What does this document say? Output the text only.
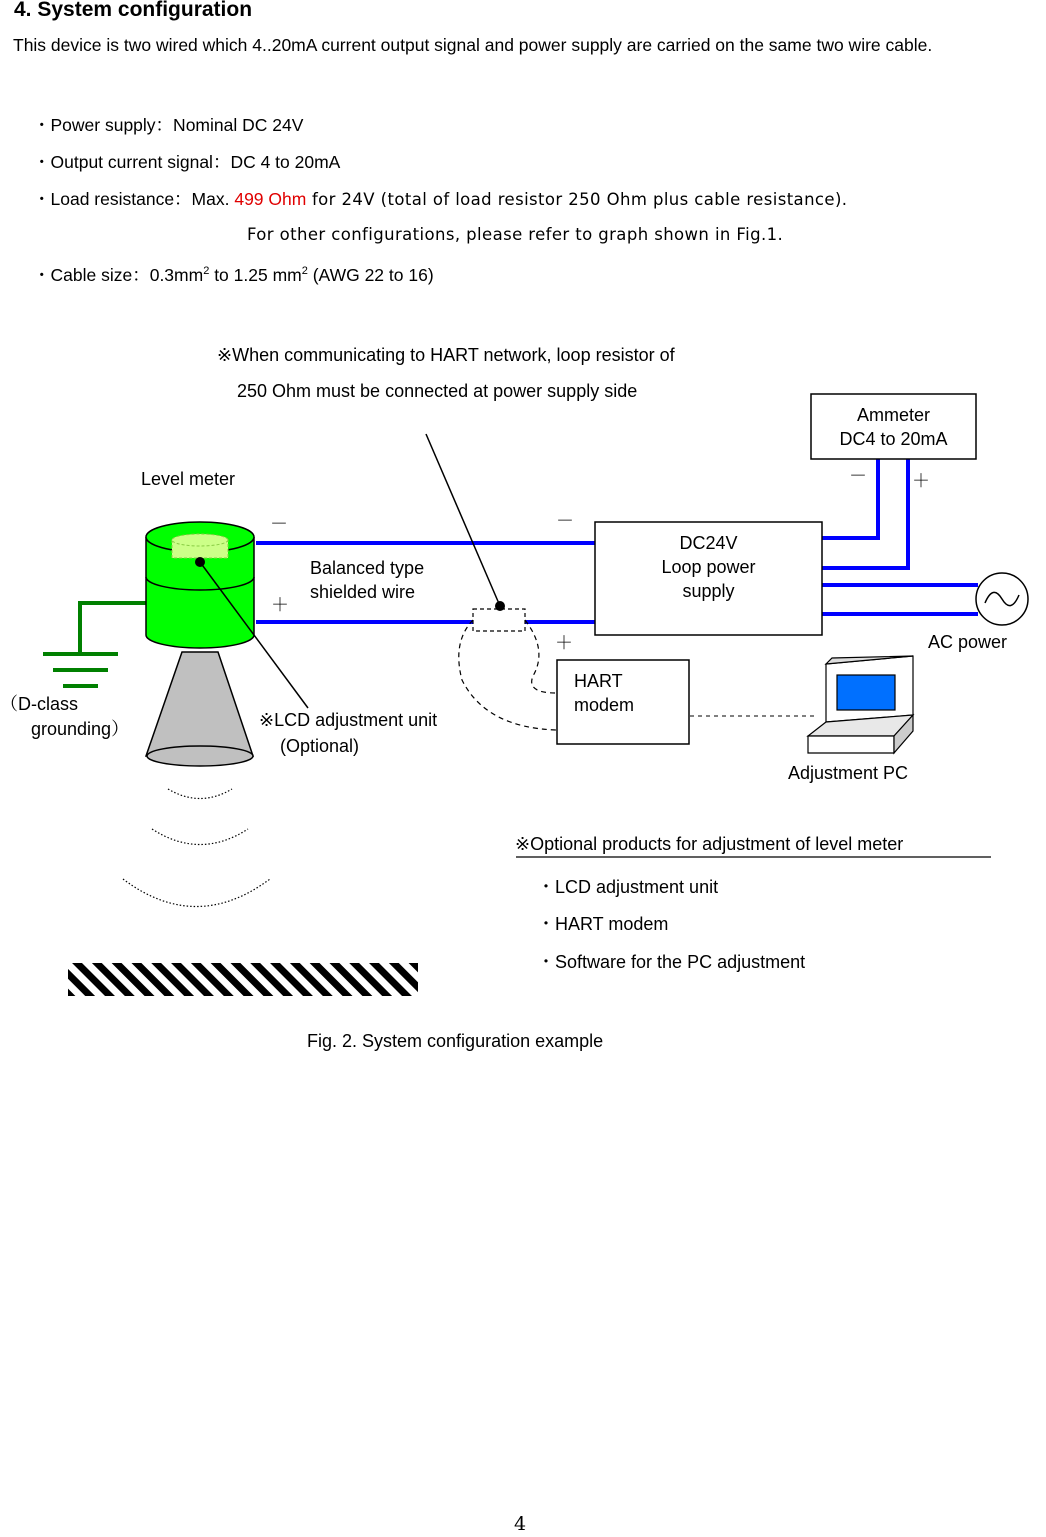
4. System configuration

This device is two wired which 4..20mA current output signal and power supply are carried on the same two wire cable.

・Power supply：Nominal DC 24V
・Output current signal：DC 4 to 20mA
・Load resistance：Max. 499 Ohm for 24V (total of load resistor 250 Ohm plus cable resistance).
For other configurations, please refer to graph shown in Fig.1.
・Cable size：$0.3mm^2$ to 1.25 $mm^2$ (AWG 22 to 16)
※When communicating to HART network, loop resistor of
250 Ohm must be connected at power supply side
Level meter
Ammeter
DC4 to 20mA
－	＋
－
＋
－
＋
Balanced type
shielded wire
DC24V
Loop power
supply
AC power
HART
modem
（D-class
grounding）	※LCD adjustment unit
(Optional)
Adjustment PC
※Optional products for adjustment of level meter
・LCD adjustment unit
・HART modem
・Software for the PC adjustment
Fig. 2. System configuration example
4
